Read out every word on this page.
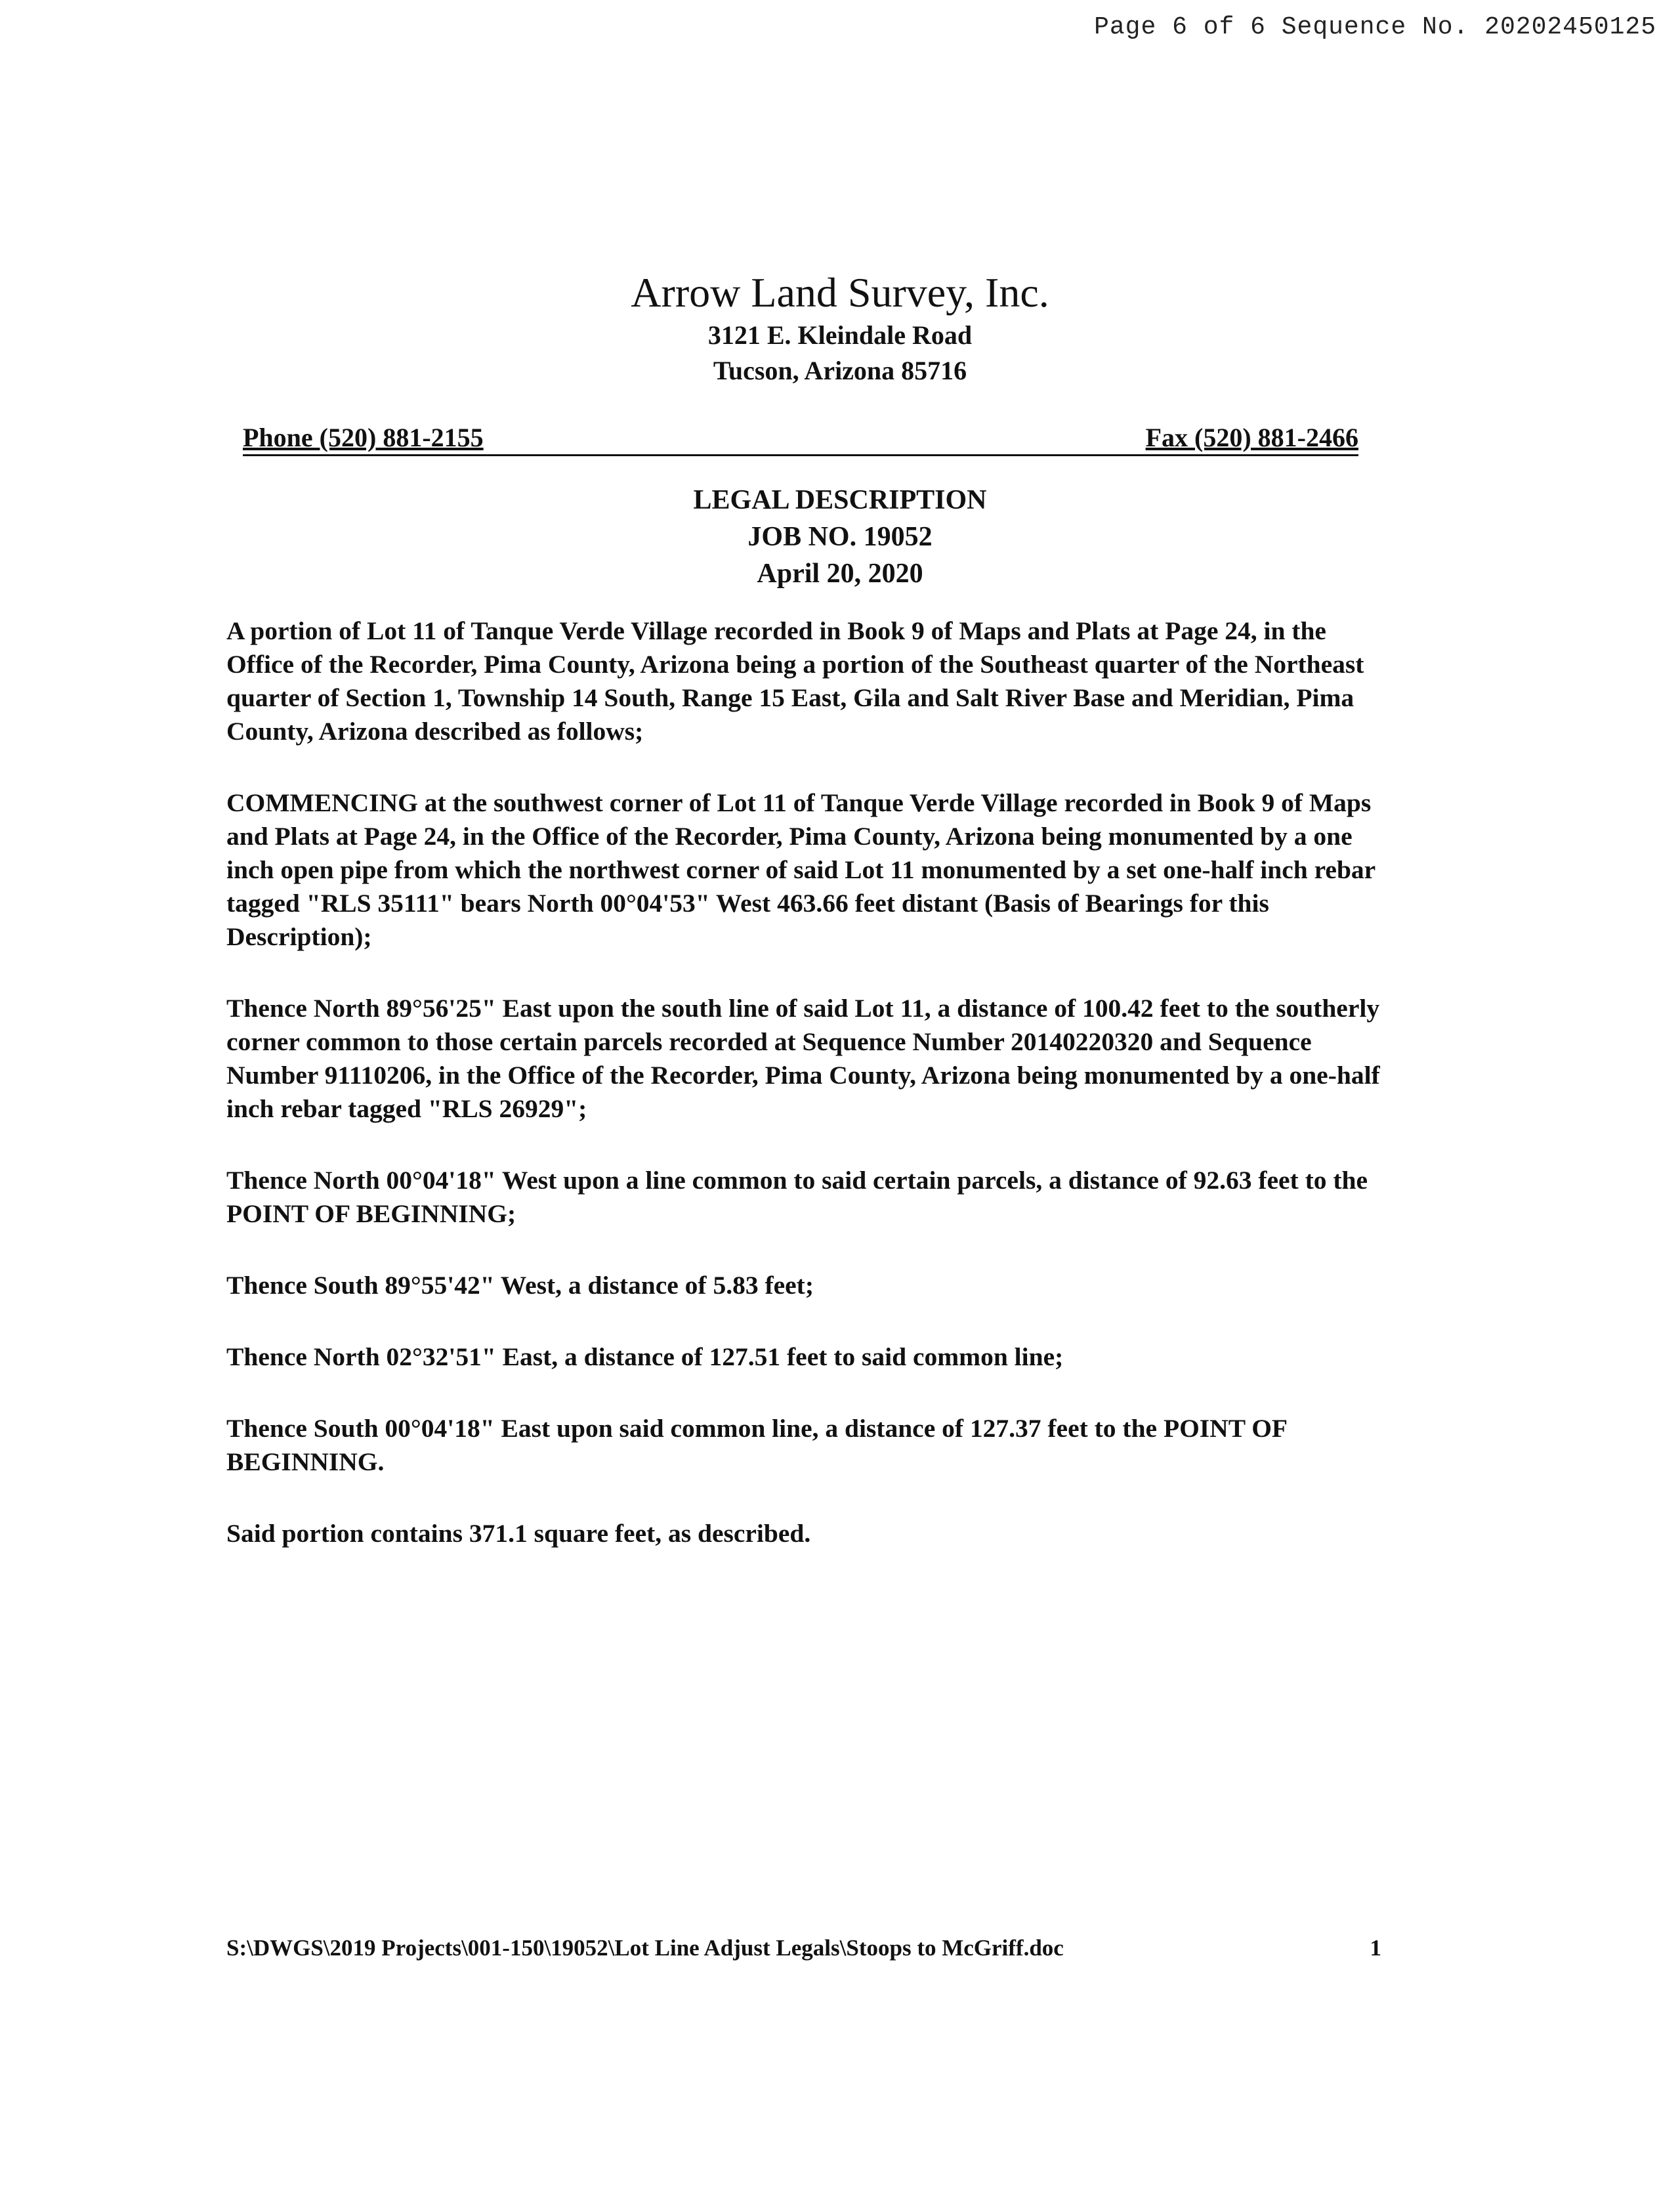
Page 6 of 6 Sequence No. 20202450125
Arrow Land Survey, Inc.
3121 E. Kleindale Road
Tucson, Arizona 85716
Phone (520) 881-2155	Fax (520) 881-2466
LEGAL DESCRIPTION
JOB NO. 19052
April 20, 2020

A portion of Lot 11 of Tanque Verde Village recorded in Book 9 of Maps and Plats at Page 24, in the Office of the Recorder, Pima County, Arizona being a portion of the Southeast quarter of the Northeast quarter of Section 1, Township 14 South, Range 15 East, Gila and Salt River Base and Meridian, Pima County, Arizona described as follows;

COMMENCING at the southwest corner of Lot 11 of Tanque Verde Village recorded in Book 9 of Maps and Plats at Page 24, in the Office of the Recorder, Pima County, Arizona being monumented by a one inch open pipe from which the northwest corner of said Lot 11 monumented by a set one-half inch rebar tagged "RLS 35111" bears North 00°04'53" West 463.66 feet distant (Basis of Bearings for this Description);

Thence North 89°56'25" East upon the south line of said Lot 11, a distance of 100.42 feet to the southerly corner common to those certain parcels recorded at Sequence Number 20140220320 and Sequence Number 91110206, in the Office of the Recorder, Pima County, Arizona being monumented by a one-half inch rebar tagged "RLS 26929";

Thence North 00°04'18" West upon a line common to said certain parcels, a distance of 92.63 feet to the POINT OF BEGINNING;

Thence South 89°55'42" West, a distance of 5.83 feet;

Thence North 02°32'51" East, a distance of 127.51 feet to said common line;

Thence South 00°04'18" East upon said common line, a distance of 127.37 feet to the POINT OF BEGINNING.

Said portion contains 371.1 square feet, as described.

S:\DWGS\2019 Projects\001-150\19052\Lot Line Adjust Legals\Stoops to McGriff.doc	1
